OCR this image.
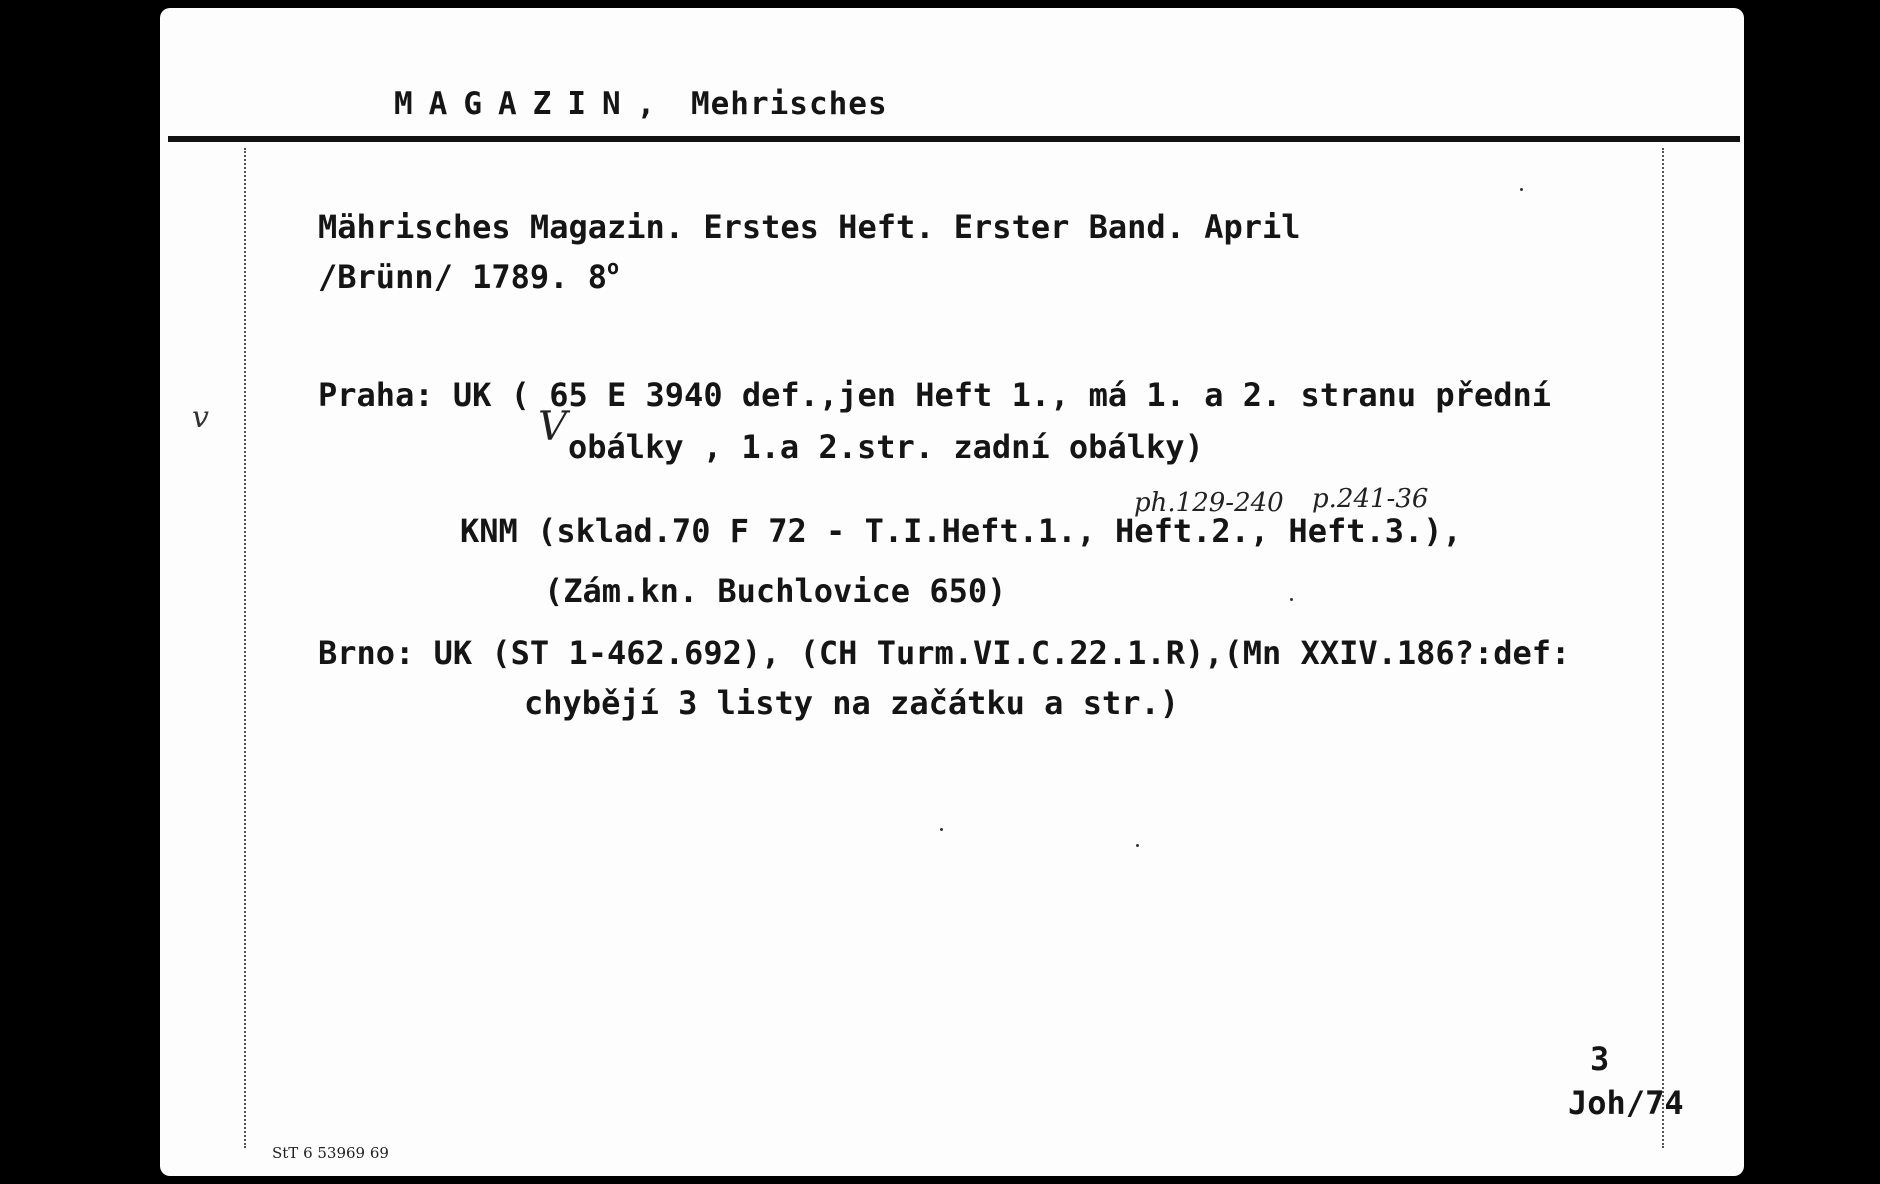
MAGAZIN, Mehrisches
Mährisches Magazin. Erstes Heft. Erster Band. April
/Brünn/ 1789. 8$^o$
Praha: UK ( 65 E 3940 def.,jen Heft 1., má 1. a 2. stranu přední
V obálky , 1.a 2.str. zadní obálky)
ph.129-240 p.241-36
KNM (sklad.70 F 72 - T.I.Heft.1., Heft.2., Heft.3.),
(Zám.kn. Buchlovice 650)
Brno: UK (ST 1-462.692), (CH Turm.VI.C.22.1.R),(Mn XXIV.186?:def:
chybějí 3 listy na začátku a str.)
3
Joh/74
StT 6 53969 69
v
